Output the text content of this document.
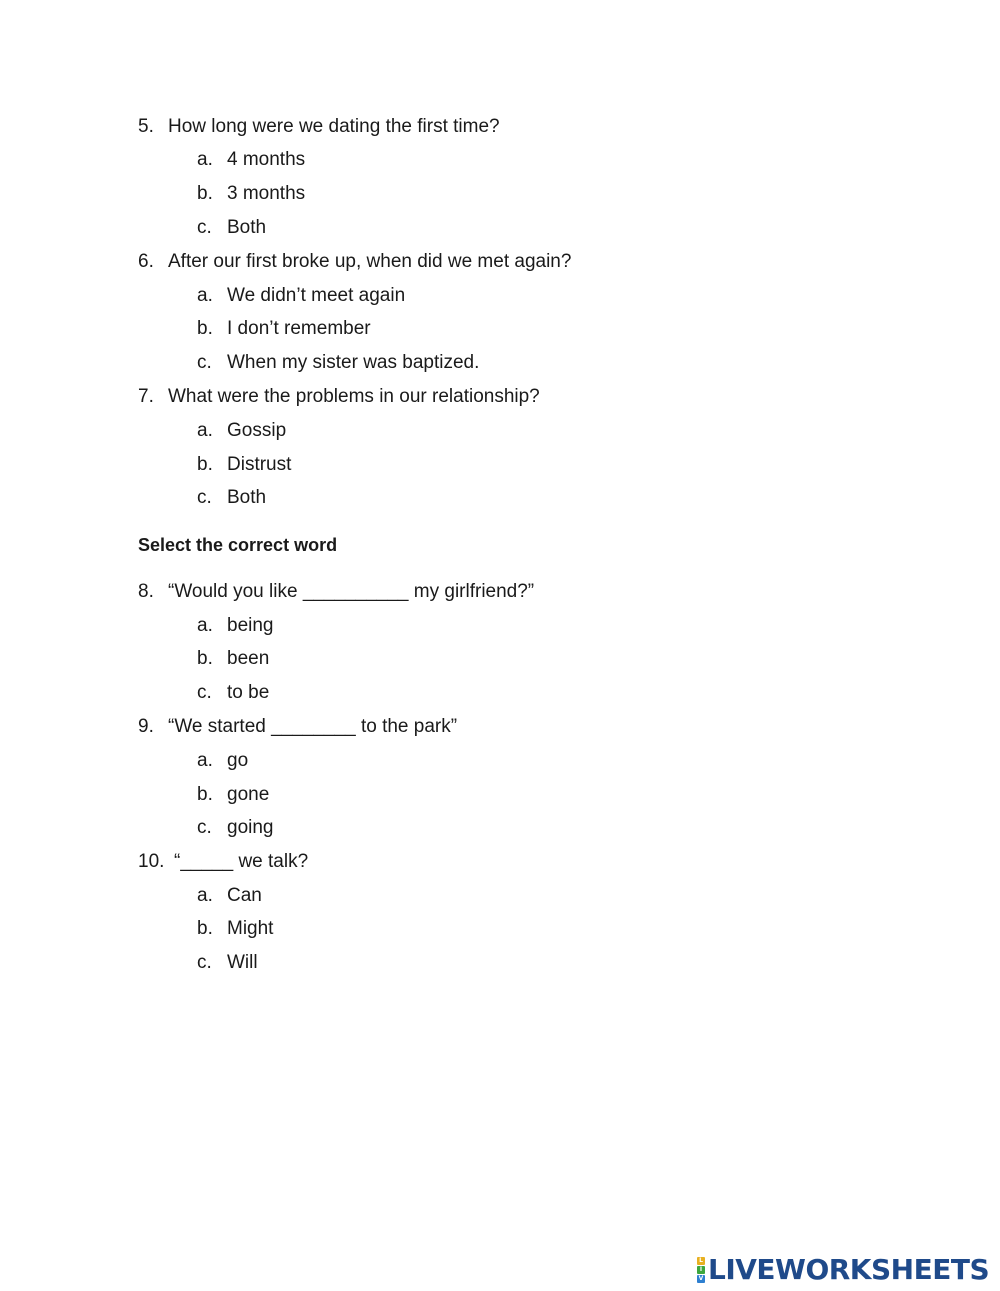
5. How long were we dating the first time?
a. 4 months
b. 3 months
c. Both
6. After our first broke up, when did we met again?
a. We didn’t meet again
b. I don’t remember
c. When my sister was baptized.
7. What were the problems in our relationship?
a. Gossip
b. Distrust
c. Both
Select the correct word
8. “Would you like __________ my girlfriend?”
a. being
b. been
c. to be
9. “We started ________ to the park”
a. go
b. gone
c. going
10. “_____ we talk?
a. Can
b. Might
c. Will
L
I
V LIVEWORKSHEETS
